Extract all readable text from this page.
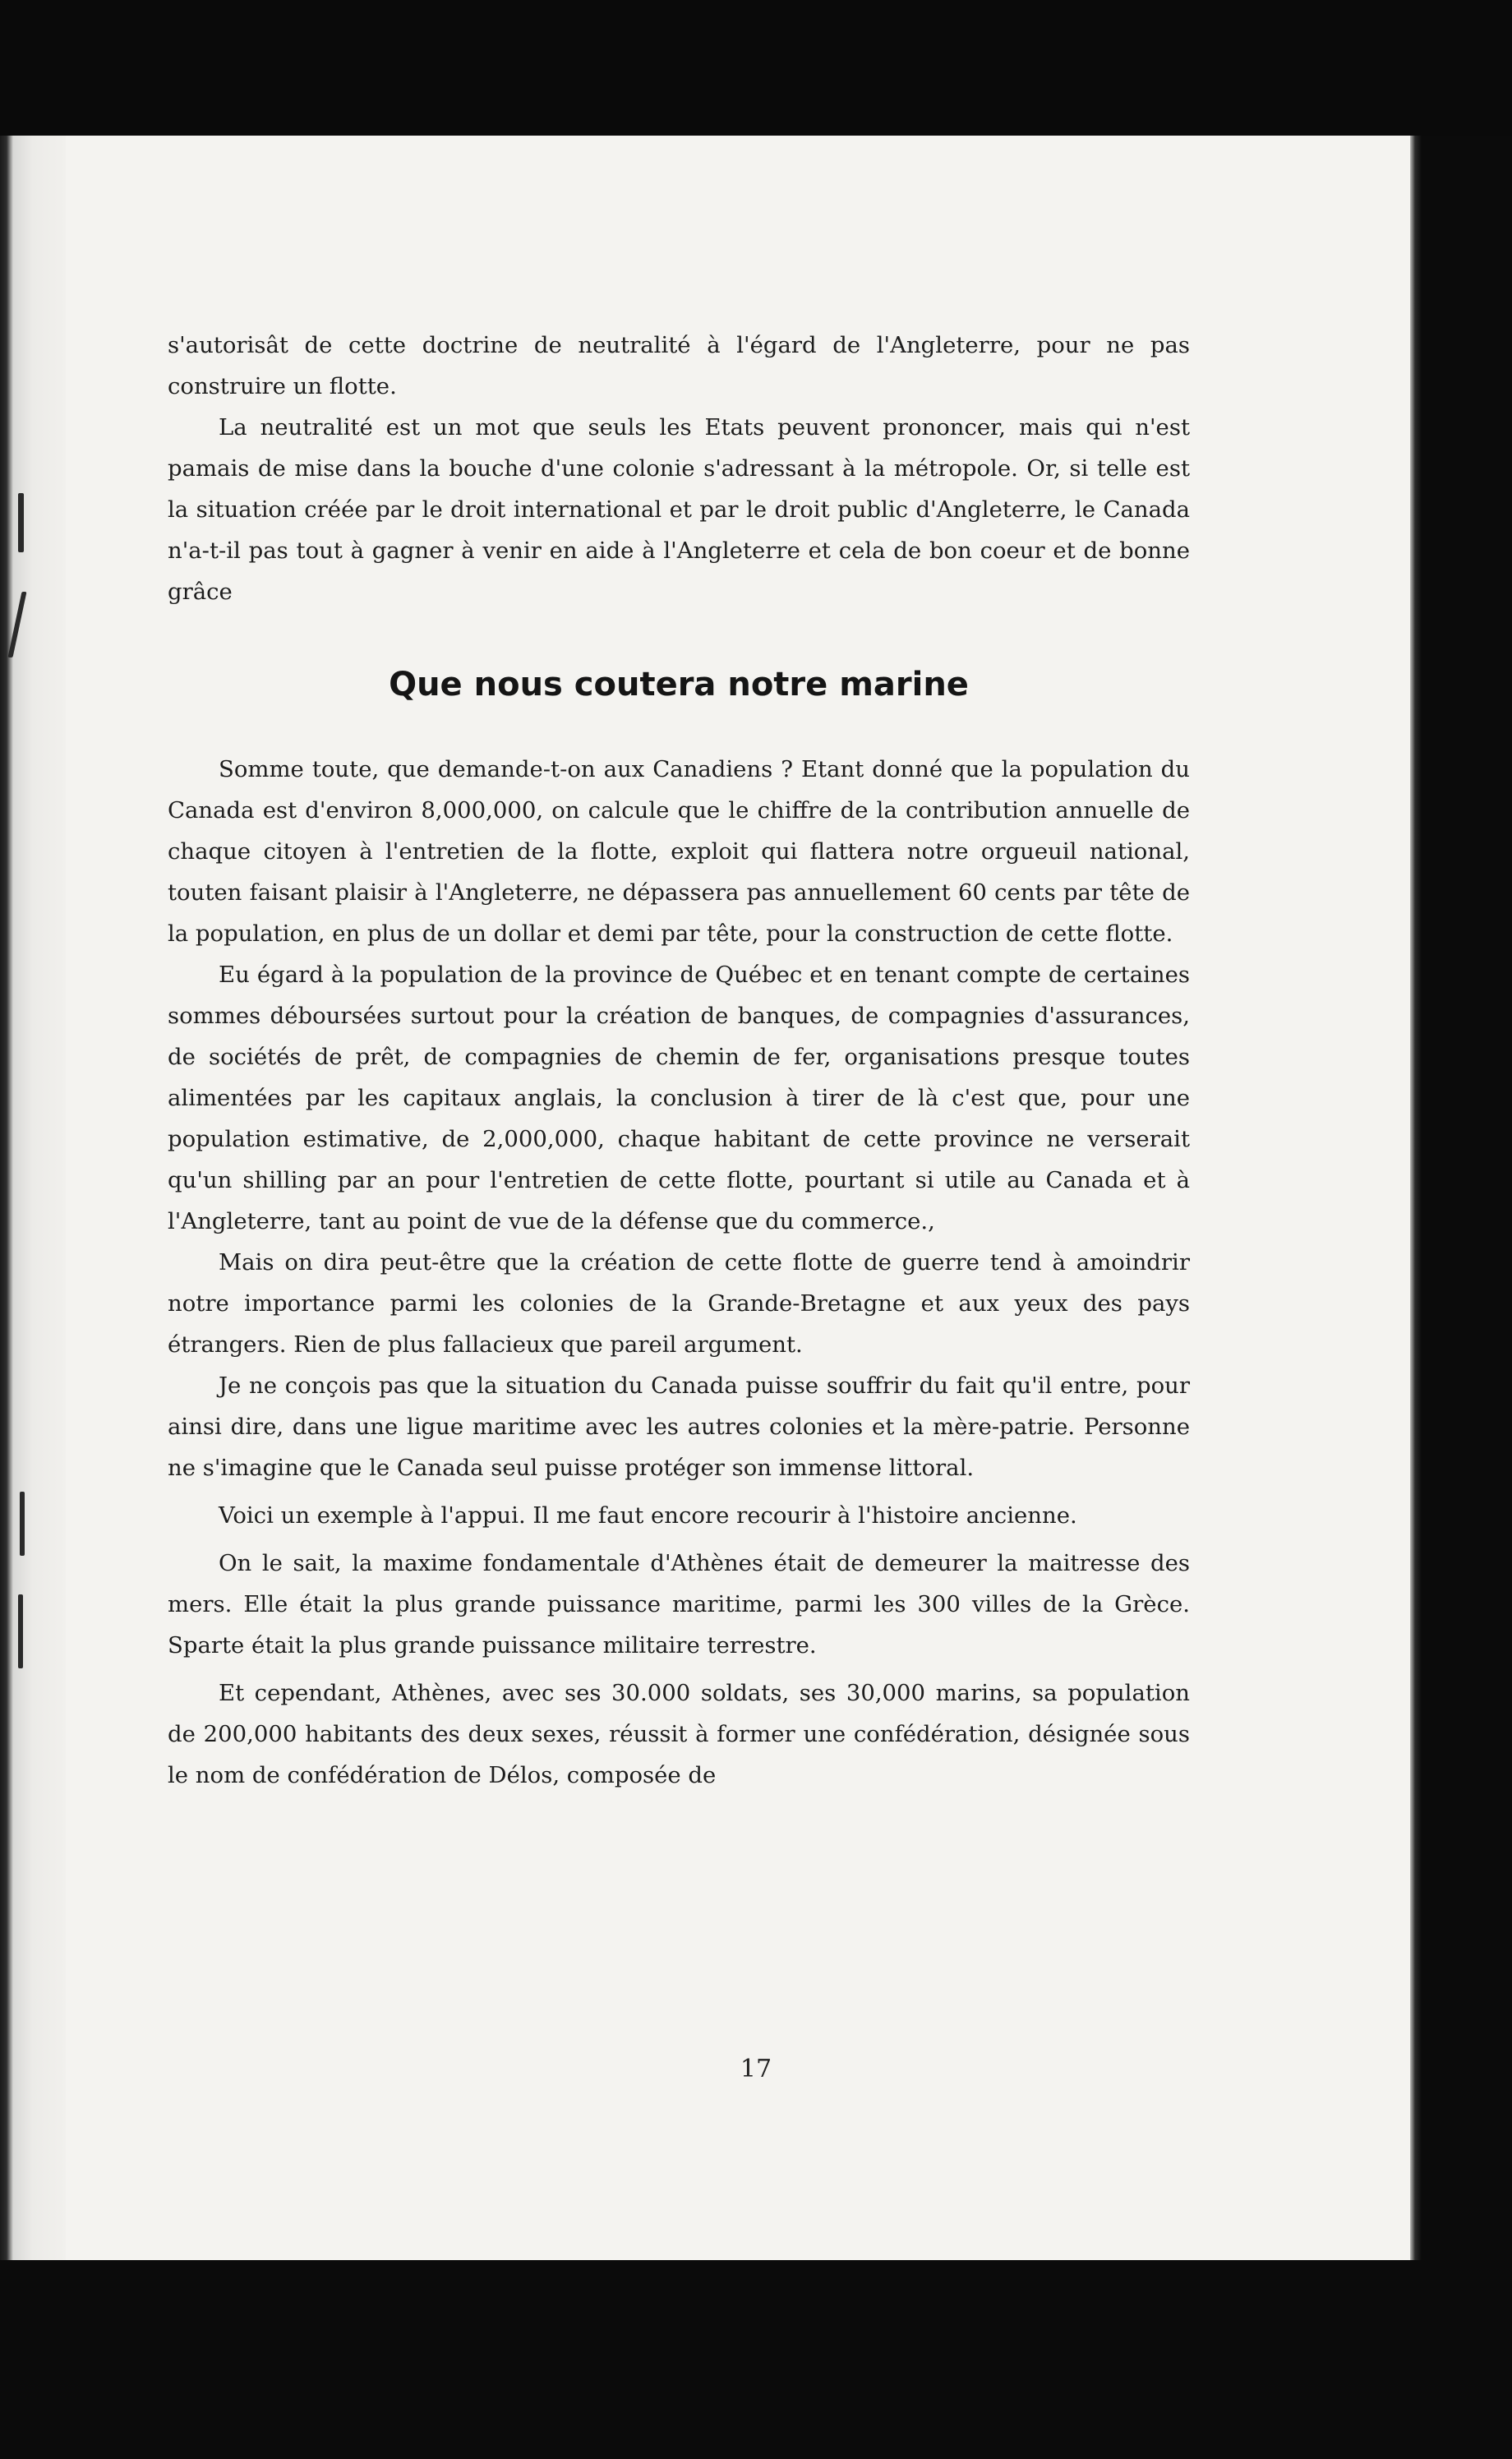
s'autorisât de cette doctrine de neutralité à l'égard de l'Angleterre, pour ne pas construire un flotte.

La neutralité est un mot que seuls les Etats peuvent prononcer, mais qui n'est pamais de mise dans la bouche d'une colonie s'adressant à la métropole. Or, si telle est la situation créée par le droit international et par le droit public d'Angleterre, le Canada n'a-t-il pas tout à gagner à venir en aide à l'Angleterre et cela de bon coeur et de bonne grâce

Que nous coutera notre marine

Somme toute, que demande-t-on aux Canadiens ? Etant donné que la population du Canada est d'environ 8,000,000, on calcule que le chiffre de la contribution annuelle de chaque citoyen à l'entretien de la flotte, exploit qui flattera notre orgueuil national, touten faisant plaisir à l'Angleterre, ne dépassera pas annuellement 60 cents par tête de la population, en plus de un dollar et demi par tête, pour la construction de cette flotte.

Eu égard à la population de la province de Québec et en tenant compte de certaines sommes déboursées surtout pour la création de banques, de compagnies d'assurances, de sociétés de prêt, de compagnies de chemin de fer, organisations presque toutes alimentées par les capitaux anglais, la conclusion à tirer de là c'est que, pour une population estimative, de 2,000,000, chaque habitant de cette province ne verserait qu'un shilling par an pour l'entretien de cette flotte, pourtant si utile au Canada et à l'Angleterre, tant au point de vue de la défense que du commerce.,

Mais on dira peut-être que la création de cette flotte de guerre tend à amoindrir notre importance parmi les colonies de la Grande-Bretagne et aux yeux des pays étrangers. Rien de plus fallacieux que pareil argument.

Je ne conçois pas que la situation du Canada puisse souffrir du fait qu'il entre, pour ainsi dire, dans une ligue maritime avec les autres colonies et la mère-patrie. Personne ne s'imagine que le Canada seul puisse protéger son immense littoral.

Voici un exemple à l'appui. Il me faut encore recourir à l'histoire ancienne.

On le sait, la maxime fondamentale d'Athènes était de demeurer la maitresse des mers. Elle était la plus grande puissance maritime, parmi les 300 villes de la Grèce. Sparte était la plus grande puissance militaire terrestre.

Et cependant, Athènes, avec ses 30.000 soldats, ses 30,000 marins, sa population de 200,000 habitants des deux sexes, réussit à former une confédération, désignée sous le nom de confédération de Délos, composée de

17
